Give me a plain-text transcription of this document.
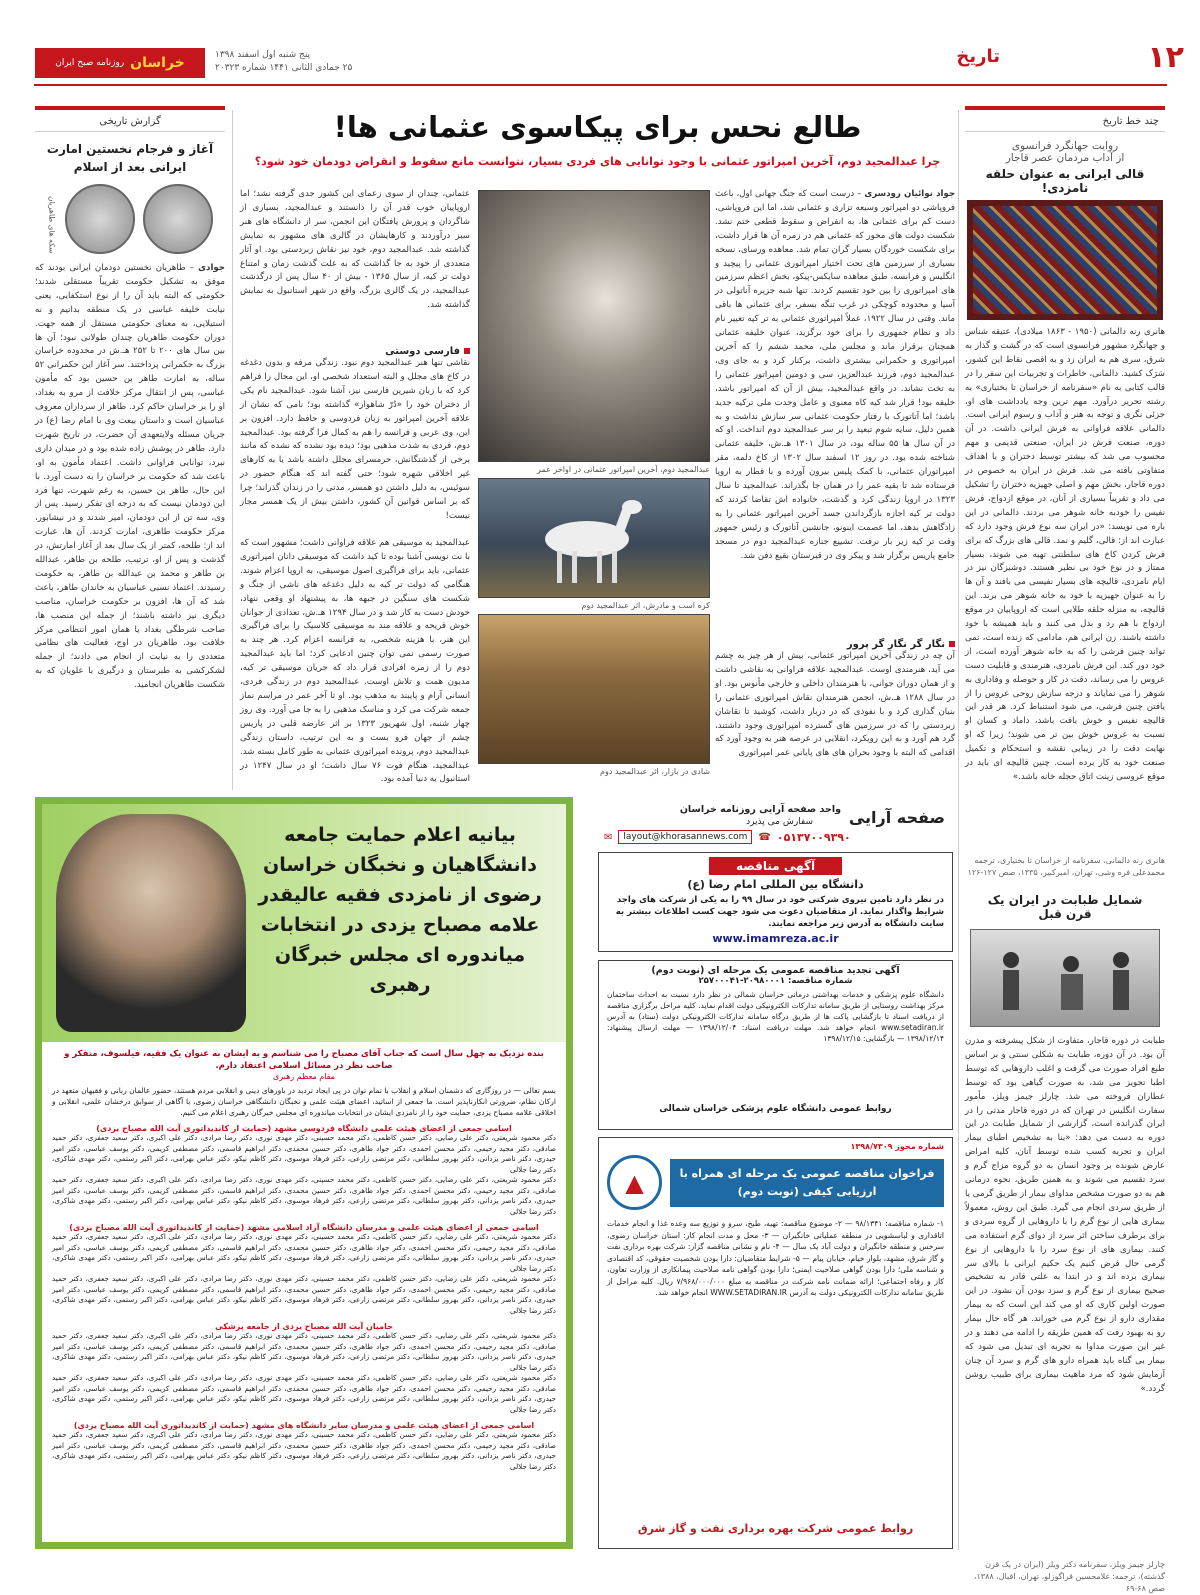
١٢
تاریخ
پنج شنبه اول اسفند ۱۳۹۸
۲۵ جمادی الثانی ۱۴۴۱ شماره ۲۰۳۲۳
خراسان
روزنامه صبح ایران
چند خط تاریخ
روایت جهانگرد فرانسوی
از آداب مردمان عصر قاجار
قالی ایرانی به عنوان حلقه نامزدی!
هانری رنه دالمانی (۱۹۵۰ - ۱۸۶۳ میلادی)، عتیقه شناس و جهانگرد مشهور فرانسوی است که در گشت و گذار به شرق، سری هم به ایران زد و به اقصی نقاط این کشور، سَرَک کشید. دالمانی، خاطرات و تجربیات این سفر را در قالب کتابی به نام «سفرنامه از خراسان تا بختیاری» به رشته تحریر درآورد. مهم ترین وجه یادداشت های او، جزئی نگری و توجه به هنر و آداب و رسوم ایرانی است. دالمانی علاقه فراوانی به فرش ایرانی داشت. در آن دوره، صنعت فرش در ایران، صنعتی قدیمی و مهم محسوب می شد که بیشتر توسط دختران و با اهداف متفاوتی بافته می شد. فرش در ایران به خصوص در دوره قاجار، بخش مهم و اصلی جهیزیه دختران را تشکیل می داد و تقریباً بسیاری از آنان، در موقع ازدواج، فرش نفیس را خودبه خانه شوهر می بردند. دالمانی در این باره می نویسد: «در ایران سه نوع فرش وجود دارد که عبارت اند از: قالی، گلیم و نمد. قالی های بزرگ که برای فرش کردن کاخ های سلطنتی تهیه می شوند، بسیار ممتاز و در نوع خود بی نظیر هستند. دوشیزگان نیز در ایام نامزدی، قالیچه های بسیار نفیسی می بافند و آن ها را به عنوان جهیزیه با خود به خانه شوهر می برند. این قالیچه، به منزله حلقه طلایی است که اروپاییان در موقع ازدواج با هم رد و بدل می کنند و باید همیشه با خود داشته باشند. زن ایرانی هم، مادامی که زنده است، نمی تواند چنین فرشی را که به خانه شوهر آورده است، از خود دور کند. این فرش نامزدی، هنرمندی و قابلیت دست عروس را می رساند، دقت در کار و حوصله و وفاداری به شوهر را می نمایاند و درجه سازش روحی عروس را از یافتن چنین فرشی، می شود استنباط کرد. هر قدر این قالیچه نفیس و خوش بافت باشد، داماد و کسان او نسبت به عروس خوش بین تر می شوند؛ زیرا که او نهایت دقت را در زیبایی نقشه و استحکام و تکمیل صنعت خود به کار برده است. چنین قالیچه ای باید در موقع عروسی زینت اتاق حجله خانه باشد.»
هانری رنه دالمانی، سفرنامه از خراسان تا بختیاری، ترجمه محمدعلی فره وشی، تهران، امیرکبیر، ۱۳۳۵، صص ۱۲۷-۱۲۶
شمایل طبابت در ایران یک قرن قبل
طبابت در دوره قاجار، متفاوت از شکل پیشرفته و مدرن آن بود. در آن دوره، طبابت به شکلی سنتی و بر اساس طبع افراد صورت می گرفت و اغلب داروهایی که توسط اطبا تجویز می شد، به صورت گیاهی بود که توسط عطاران فروخته می شد. چارلز جیمز ویلز، مأمور سفارت انگلیس در تهران که در دوره قاجار مدتی را در ایران گذرانده است، گزارشی از شمایل طبابت در این دوره به دست می دهد: «بنا به تشخیص اطبای بیمار ایران و تجربه کسب شده توسط آنان، کلیه امراض عارض شونده بر وجود انسان به دو گروه مزاج گرم و سرد تقسیم می شوند و به همین طریق، نحوه درمانی هم به دو صورت مشخص مداوای بیمار از طریق گرمی یا از طریق سردی انجام می گیرد. طبق این روش، معمولاً بیماری هایی از نوع گرم را با داروهایی از گروه سردی و برای برطرف ساختن اثر سرد از دوای گرم استفاده می کنند. بیماری های از نوع سرد را با داروهایی از نوع گرمی حال فرض کنیم یک حکیم ایرانی با بالای سر بیماری برده اند و در ابتدا به علتی قادر به تشخیص صحیح بیماری از نوع گرم و سرد بودن آن نشود. در این صورت اولین کاری که او می کند این است که به بیمار مقداری دارو از نوع گرم می خوراند. هر گاه حال بیمار رو به بهبود رفت که همین طریقه را ادامه می دهند و در غیر این صورت مداوا به تجربه ای تبدیل می شود که بیمار بی گناه باید همراه دارو های گرم و سرد آن چنان آزمایش شود که مرد ماهیت بیماری برای طبیب روشن گردد.»
چارلز جیمز ویلز، سفرنامه دکتر ویلز (ایران در یک قرن گذشته)، ترجمه: غلامحسین قراگوزلو، تهران، اقبال، ۱۳۸۸، صص ۶۸-۶۹
طالع نحس برای پیکاسوی عثمانی ها!
چرا عبدالمجید دوم، آخرین امپراتور عثمانی با وجود توانایی های فردی بسیار، نتوانست مانع سقوط و انقراض دودمان خود شود؟
جواد نوائیان رودسری – درست است که جنگ جهانی اول، باعث فروپاشی دو امپراتور وسیعه تزاری و عثمانی شد، اما این فروپاشی، دست کم برای عثمانی ها، به انقراض و سقوط قطعی ختم نشد. شکست دولت های محور که عثمانی هم در زمره آن ها قرار داشت، برای شکست خوردگان بسیار گران تمام شد. معاهده ورسای، نسخه بسیاری از سرزمین های تحت اختیار امپراتوری عثمانی را پیچید و انگلیس و فرانسه، طبق معاهده سایکس-پیکو، بخش اعظم سرزمین های امپراتوری را بین خود تقسیم کردند. تنها شبه جزیره آناتولی در آسیا و محدوده کوچکی در غرب تنگه بسفر، برای عثمانی ها باقی ماند. وقتی در سال ۱۹۲۲، عملاً امپراتوری عثمانی به تر کیه تغییر نام داد و نظام جمهوری را برای خود برگزید، عنوان خلیفه عثمانی همچنان برقرار ماند و مجلس ملی، محمد ششم را که آخرین امپراتوری و حکمرانی بیشتری داشت، برکنار کرد و به جای وی، عبدالمجید دوم، فرزند عبدالعزیز، سی و دومین امپراتور عثمانی را به تخت نشاند. در واقع عبدالمجید، بیش از آن که امپراتور باشد، خلیفه بود! قرار شد کیه کاه معنوی و عامل وحدت ملی ترکیه جدید باشد؛ اما آتاتورک با رفتار حکومت عثمانی سر سازش نداشت و به همین دلیل، سایه شوم تبعید را بر سر عبدالمجید دوم انداخت. او که در آن سال ها ۵۵ ساله بود، در سال ۱۳۰۱ هـ.ش، خلیفه عثمانی شناخته شده بود. در روز ۱۲ اسفند سال ۱۳۰۲ از کاخ دلمه، مقر امپراتوران عثمانی، با کمک پلیس بیرون آورده و با قطار به اروپا فرستاده شد تا بقیه عمر را در همان جا بگذراند. عبدالمجید تا سال ۱۳۲۳ در اروپا زندگی کرد و گذشت، خانواده اش تقاضا کردند که دولت تر کیه اجازه بازگرداندن جسد آخرین امپراتور عثمانی را به زادگاهش بدهد، اما عصمت اینونو، جانشین آتاتورک و رئیس جمهور وقت تر کیه زیر بار نرفت. تشییع جنازه عبدالمجید دوم در مسجد جامع پاریس برگزار شد و پیکر وی در قبرستان بقیع دفن شد.
نگار گر نگار گر پرور
آن چه در زندگی آخرین امپراتور عثمانی، بیش از هر چیز به چشم می آید، هنرمندی اوست. عبدالمجید علاقه فراوانی به نقاشی داشت و از همان دوران جوانی، با هنرمندان داخلی و خارجی مأنوس بود. او در سال ۱۲۸۸ هـ.ش، انجمن هنرمندان نقاش امپراتوری عثمانی را بنیان گذاری کرد و با نفوذی که در دربار داشت، کوشید تا نقاشان زبردستی را که در سرزمین های گسترده امپراتوری وجود داشتند، گرد هم آورد و به این رویکرد، انقلابی در عرصه هنر به وجود آورد که اقدامی که البته با وجود بحران های های پایانی عمر امپراتوری
عبدالمجید دوم، آخرین امپراتور عثمانی در اواخر عمر
کره اسب و مادرش، اثر عبدالمجید دوم
شادی در بازار، اثر عبدالمجید دوم
عثمانی، چندان از سوی زعمای این کشور جدی گرفته نشد؛ اما اروپاییان خوب قدر آن را دانستند و عبدالمجید، بسیاری از شاگردان و پرورش یافتگان این انجمن، سر از دانشگاه های هنر سبز درآوردند و کارهایشان در گالری های مشهور به نمایش گذاشته شد. عبدالمجید دوم، خود نیز نقاش زبردستی بود. او آثار متعددی از خود به جا گذاشت که به علت گذشت زمان و امتناع دولت تر کیه، از سال ۱۳۶۵ - بیش از ۴۰ سال پس از درگذشت عبدالمجید، در یک گالری بزرگ، واقع در شهر استانبول به نمایش گذاشته شد.
فارسی دوستی
نقاشی تنها هنر عبدالمجید دوم نبود. زندگی مرفه و بدون دغدغه در کاخ های مجلل و البته استعداد شخصی او، این مجال را فراهم کرد که با زبان شیرین فارسی نیز، آشنا شود. عبدالمجید نام یکی از دختران خود را «دُرّ شاهوار» گذاشته بود؛ نامی که نشان از علاقه آخرین امپراتور به زبان فردوسی و حافظ دارد. افزون بر این، وی عربی و فرانسه را هم به کمال فرا گرفته بود. عبدالمجید دوم، فردی به شدت مذهبی بود؛ دیده بود نشده که نشده که مانند برخی از گذشتگانش، حرمسرای مجلل داشته باشد یا به کارهای غیر اخلاقی شهره شود؛ حتی گفته اند که هنگام حضور در سوئیس، به دلیل داشتن دو همسر، مدتی را در زندان گذراند؛ چرا که بر اساس قوانین آن کشور، داشتن بیش از یک همسر مجاز نیست!
عبدالمجید به موسیقی هم علاقه فراوانی داشت؛ مشهور است که با نت نویسی آشنا بوده تا کید داشت که موسیقی دانان امپراتوری عثمانی، باید برای فراگیری اصول موسیقی، به اروپا اعزام شوند. هنگامی که دولت تر کیه به دلیل دغدغه های ناشی از جنگ و شکست های سنگین در جبهه ها، به پیشنهاد او وقعی ننهاد، خودش دست به کار شد و در سال ۱۲۹۴ هـ.ش، تعدادی از جوانان خوش قریحه و علاقه مند به موسیقی کلاسیک را برای فراگیری این هنر، با هزینه شخصی، به فرانسه اعزام کرد. هر چند به صورت رسمی نمی توان چنین ادعایی کرد؛ اما باید عبدالمجید دوم را از زمره افرادی قرار داد که جریان موسیقی تر کیه، مدیون همت و تلاش اوست. عبدالمجید دوم در زندگی فردی، انسانی آرام و پایبند به مذهب بود. او تا آخر عمر در مراسم نماز جمعه شرکت می کرد و مناسک مذهبی را به جا می آورد. وی روز چهار شنبه، اول شهریور ۱۳۲۳ بر اثر عارضه قلبی در پاریس چشم از جهان فرو بست و به این ترتیب، داستان زندگی عبدالمجید دوم، پرونده امپراتوری عثمانی به طور کامل بسته شد. عبدالمجید، هنگام فوت ۷۶ سال داشت؛ او در سال ۱۲۴۷ در استانبول به دنیا آمده بود.
گزارش تاریخی
آغاز و فرجام نخستین امارت ایرانی بعد از اسلام
سکه های طاهریان
جوادی – طاهریان نخستین دودمان ایرانی بودند که موفق به تشکیل حکومت تقریباً مستقلی شدند؛ حکومتی که البته باید آن را از نوع استکفایی، یعنی نیابت خلیفه عباسی در یک منطقه بدانیم و نه استیلایی، به معنای حکومتی مستقل از همه جهت. دوران حکومت طاهریان چندان طولانی نبود؛ آن ها بین سال های ۲۰۰ تا ۲۵۲ هـ.ش در محدوده خراسان بزرگ به حکمرانی پرداختند. سر آغاز این حکمرانی ۵۲ ساله، به امارت طاهر بن حسین بود که مأمون عباسی، پس از انتقال مرکز خلافت از مرو به بغداد، او را بر خراسان حاکم کرد. طاهر از سرداران معروف عباسیان است و داستان بیعت وی با امام رضا (ع) در جریان مسئله ولایتعهدی آن حضرت، در تاریخ شهرت دارد. طاهر در پوشش زاده شده بود و در میدان داری نبرد، توانایی فراوانی داشت. اعتماد مأمون به او، باعث شد که حکومت بر خراسان را به دست آورد. با این حال، طاهر بن حسین، به رغم شهرت، تنها فرد این دودمان نیست که به درجه ای تفکر رسید. پس از وی، سه تن از این دودمان، امیر شدند و در نیشابور، مرکز حکومت طاهری، امارت کردند. آن ها، عبارت اند از: طلحه، کمتر از یک سال بعد از آغاز امارتش، در گذشت و پس از او، ترتیب، طلحه بن طاهر، عبدالله بن طاهر و محمد بن عبدالله بن طاهر، به حکومت رسیدند. اعتماد نسبی عباسیان به خاندان طاهر، باعث شد که آن ها، افزون بر حکومت خراسان، مناصب دیگری نیز داشته باشند؛ از جمله این منصب ها، صاحب شرطگی بغداد یا همان امور انتظامی مرکز خلافت بود. طاهریان در اوج، فعالیت های نظامی متعددی را به نیابت از انجام می دادند؛ از جمله لشکرکشی به طبرستان و درگیری با علویان که به شکست طاهریان انجامید.
بیانیه اعلام حمایت جامعه دانشگاهیان و نخبگان خراسان رضوی از نامزدی فقیه عالیقدر علامه مصباح یزدی در انتخابات میاندوره ای مجلس خبرگان رهبری
بنده نزدیک به چهل سال است که جناب آقای مصباح را می شناسم و به ایشان به عنوان یک فقیه، فیلسوف، متفکر و صاحب نظر در مسائل اسلامی اعتقاد دارم.
مقام معظم رهبری
بسم تعالی — در روزگاری که دشمنان اسلام و انقلاب با تمام توان در پی ایجاد تردید در باورهای دینی و انقلابی مردم هستند، حضور عالمان ربانی و فقیهان متعهد در ارکان نظام، ضرورتی انکارناپذیر است. ما جمعی از اساتید، اعضای هیئت علمی و نخبگان دانشگاهی خراسان رضوی، با آگاهی از سوابق درخشان علمی، انقلابی و اخلاقی علامه مصباح یزدی، حمایت خود را از نامزدی ایشان در انتخابات میاندوره ای مجلس خبرگان رهبری اعلام می کنیم.
اسامی جمعی از اعضای هیئت علمی دانشگاه فردوسی مشهد (حمایت از کاندیداتوری آیت الله مصباح یزدی)
دکتر محمود شریعتی، دکتر علی رضایی، دکتر حسن کاظمی، دکتر محمد حسینی، دکتر مهدی نوری، دکتر رضا مرادی، دکتر علی اکبری، دکتر سعید جعفری، دکتر حمید صادقی، دکتر مجید رحیمی، دکتر محسن احمدی، دکتر جواد طاهری، دکتر حسین محمدی، دکتر ابراهیم قاسمی، دکتر مصطفی کریمی، دکتر یوسف عباسی، دکتر امیر حیدری، دکتر ناصر یزدانی، دکتر بهروز سلطانی، دکتر مرتضی زارعی، دکتر فرهاد موسوی، دکتر کاظم نیکو، دکتر عباس بهرامی، دکتر اکبر رستمی، دکتر مهدی شاکری، دکتر رضا جلالی
دکتر محمود شریعتی، دکتر علی رضایی، دکتر حسن کاظمی، دکتر محمد حسینی، دکتر مهدی نوری، دکتر رضا مرادی، دکتر علی اکبری، دکتر سعید جعفری، دکتر حمید صادقی، دکتر مجید رحیمی، دکتر محسن احمدی، دکتر جواد طاهری، دکتر حسین محمدی، دکتر ابراهیم قاسمی، دکتر مصطفی کریمی، دکتر یوسف عباسی، دکتر امیر حیدری، دکتر ناصر یزدانی، دکتر بهروز سلطانی، دکتر مرتضی زارعی، دکتر فرهاد موسوی، دکتر کاظم نیکو، دکتر عباس بهرامی، دکتر اکبر رستمی، دکتر مهدی شاکری، دکتر رضا جلالی
اسامی جمعی از اعضای هیئت علمی و مدرسان دانشگاه آزاد اسلامی مشهد (حمایت از کاندیداتوری آیت الله مصباح یزدی)
دکتر محمود شریعتی، دکتر علی رضایی، دکتر حسن کاظمی، دکتر محمد حسینی، دکتر مهدی نوری، دکتر رضا مرادی، دکتر علی اکبری، دکتر سعید جعفری، دکتر حمید صادقی، دکتر مجید رحیمی، دکتر محسن احمدی، دکتر جواد طاهری، دکتر حسین محمدی، دکتر ابراهیم قاسمی، دکتر مصطفی کریمی، دکتر یوسف عباسی، دکتر امیر حیدری، دکتر ناصر یزدانی، دکتر بهروز سلطانی، دکتر مرتضی زارعی، دکتر فرهاد موسوی، دکتر کاظم نیکو، دکتر عباس بهرامی، دکتر اکبر رستمی، دکتر مهدی شاکری، دکتر رضا جلالی
دکتر محمود شریعتی، دکتر علی رضایی، دکتر حسن کاظمی، دکتر محمد حسینی، دکتر مهدی نوری، دکتر رضا مرادی، دکتر علی اکبری، دکتر سعید جعفری، دکتر حمید صادقی، دکتر مجید رحیمی، دکتر محسن احمدی، دکتر جواد طاهری، دکتر حسین محمدی، دکتر ابراهیم قاسمی، دکتر مصطفی کریمی، دکتر یوسف عباسی، دکتر امیر حیدری، دکتر ناصر یزدانی، دکتر بهروز سلطانی، دکتر مرتضی زارعی، دکتر فرهاد موسوی، دکتر کاظم نیکو، دکتر عباس بهرامی، دکتر اکبر رستمی، دکتر مهدی شاکری، دکتر رضا جلالی
حامیان آیت الله مصباح یزدی از جامعه پزشکی
دکتر محمود شریعتی، دکتر علی رضایی، دکتر حسن کاظمی، دکتر محمد حسینی، دکتر مهدی نوری، دکتر رضا مرادی، دکتر علی اکبری، دکتر سعید جعفری، دکتر حمید صادقی، دکتر مجید رحیمی، دکتر محسن احمدی، دکتر جواد طاهری، دکتر حسین محمدی، دکتر ابراهیم قاسمی، دکتر مصطفی کریمی، دکتر یوسف عباسی، دکتر امیر حیدری، دکتر ناصر یزدانی، دکتر بهروز سلطانی، دکتر مرتضی زارعی، دکتر فرهاد موسوی، دکتر کاظم نیکو، دکتر عباس بهرامی، دکتر اکبر رستمی، دکتر مهدی شاکری، دکتر رضا جلالی
دکتر محمود شریعتی، دکتر علی رضایی، دکتر حسن کاظمی، دکتر محمد حسینی، دکتر مهدی نوری، دکتر رضا مرادی، دکتر علی اکبری، دکتر سعید جعفری، دکتر حمید صادقی، دکتر مجید رحیمی، دکتر محسن احمدی، دکتر جواد طاهری، دکتر حسین محمدی، دکتر ابراهیم قاسمی، دکتر مصطفی کریمی، دکتر یوسف عباسی، دکتر امیر حیدری، دکتر ناصر یزدانی، دکتر بهروز سلطانی، دکتر مرتضی زارعی، دکتر فرهاد موسوی، دکتر کاظم نیکو، دکتر عباس بهرامی، دکتر اکبر رستمی، دکتر مهدی شاکری، دکتر رضا جلالی
اسامی جمعی از اعضای هیئت علمی و مدرسان سایر دانشگاه های مشهد (حمایت از کاندیداتوری آیت الله مصباح یزدی)
دکتر محمود شریعتی، دکتر علی رضایی، دکتر حسن کاظمی، دکتر محمد حسینی، دکتر مهدی نوری، دکتر رضا مرادی، دکتر علی اکبری، دکتر سعید جعفری، دکتر حمید صادقی، دکتر مجید رحیمی، دکتر محسن احمدی، دکتر جواد طاهری، دکتر حسین محمدی، دکتر ابراهیم قاسمی، دکتر مصطفی کریمی، دکتر یوسف عباسی، دکتر امیر حیدری، دکتر ناصر یزدانی، دکتر بهروز سلطانی، دکتر مرتضی زارعی، دکتر فرهاد موسوی، دکتر کاظم نیکو، دکتر عباس بهرامی، دکتر اکبر رستمی، دکتر مهدی شاکری، دکتر رضا جلالی
صفحه آرایی
واحد صفحه آرایی روزنامه خراسان
سفارش می پذیرد
✉	layout@khorasannews.com	☎ ۰۵۱۳۷۰۰۹۳۹۰
آگهی مناقصه
دانشگاه بین المللی امام رضا (ع)
در نظر دارد تامین نیروی شرکتی خود در سال ۹۹ را به یکی از شرکت های واجد شرایط واگذار نماید. از متقاضیان دعوت می شود جهت کسب اطلاعات بیشتر به سایت دانشگاه به آدرس زیر مراجعه نمایند.
www.imamreza.ac.ir
آگهی تجدید مناقصه عمومی یک مرحله ای (نوبت دوم)
شماره مناقصه: ۲۰۹۸۰۰۰۱-۲۵۷۰۰۰۴۱
دانشگاه علوم پزشکی و خدمات بهداشتی درمانی خراسان شمالی در نظر دارد نسبت به احداث ساختمان مرکز بهداشت روستایی از طریق سامانه تدارکات الکترونیکی دولت اقدام نماید. کلیه مراحل برگزاری مناقصه از دریافت اسناد تا بازگشایی پاکت ها از طریق درگاه سامانه تدارکات الکترونیکی دولت (ستاد) به آدرس www.setadiran.ir انجام خواهد شد. مهلت دریافت اسناد: ۱۳۹۸/۱۲/۰۴ — مهلت ارسال پیشنهاد: ۱۳۹۸/۱۲/۱۴ — بازگشایی: ۱۳۹۸/۱۲/۱۵
روابط عمومی دانشگاه علوم پزشکی خراسان شمالی
شماره مجوز ۱۳۹۸/۷۳۰۹
فراخوان مناقصه عمومی یک مرحله ای همراه با ارزیابی کیفی (نوبت دوم)
▲
۱- شماره مناقصه: ۹۸/۱۳۴۱ — ۲- موضوع مناقصه: تهیه، طبخ، سرو و توزیع سه وعده غذا و انجام خدمات اتاقداری و لباسشویی در منطقه عملیاتی خانگیران — ۳- محل و مدت انجام کار: استان خراسان رضوی، سرخس و منطقه خانگیران و دولت آباد یک سال — ۴- نام و نشانی مناقصه گزار: شرکت بهره برداری نفت و گاز شرق، مشهد، بلوار خیام، خیابان پیام — ۵- شرایط متقاضیان: دارا بودن شخصیت حقوقی، کد اقتصادی و شناسه ملی؛ دارا بودن گواهی صلاحیت ایمنی؛ دارا بودن گواهی نامه صلاحیت پیمانکاری از وزارت تعاون، کار و رفاه اجتماعی؛ ارائه ضمانت نامه شرکت در مناقصه به مبلغ ۷/۹۶۸/۰۰۰/۰۰۰ ریال. کلیه مراحل از طریق سامانه تدارکات الکترونیکی دولت به آدرس WWW.SETADIRAN.IR انجام خواهد شد.
روابط عمومی شرکت بهره برداری نفت و گاز شرق
